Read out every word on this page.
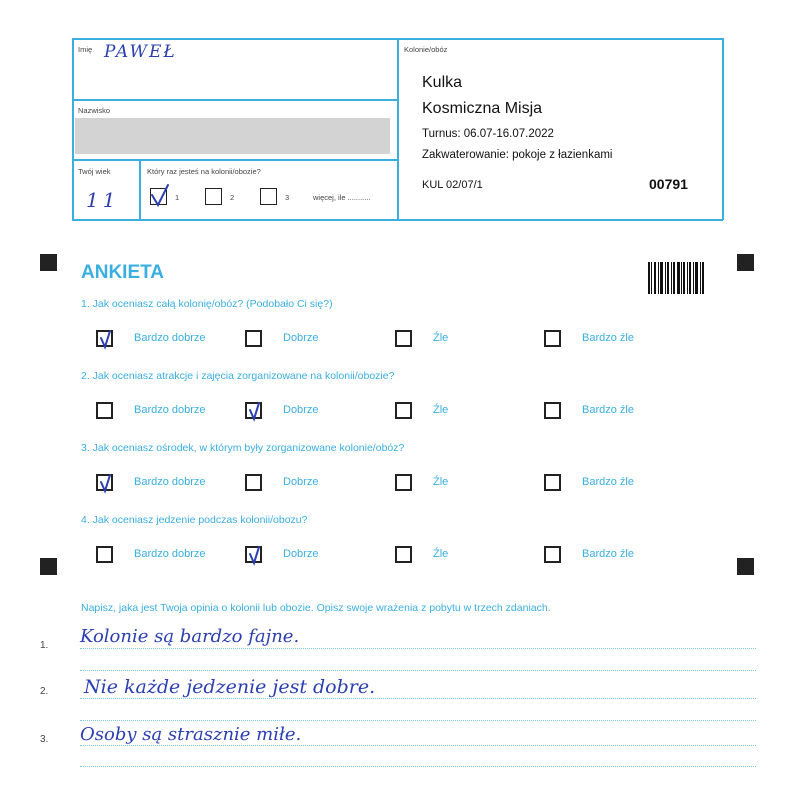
Imię PAWEŁ
Nazwisko
Twój wiek
11
Który raz jesteś na kolonii/obozie?
1	2	3	więcej, ile ...........
Kolonie/obóz
Kulka
Kosmiczna Misja
Turnus: 06.07-16.07.2022
Zakwaterowanie: pokoje z łazienkami
KUL 02/07/1	00791
ANKIETA
1. Jak oceniasz całą kolonię/obóz? (Podobało Ci się?)
Bardzo dobrze	Dobrze	Źle	Bardzo źle
2. Jak oceniasz atrakcje i zajęcia zorganizowane na kolonii/obozie?
Bardzo dobrze	Dobrze	Źle	Bardzo źle
3. Jak oceniasz ośrodek, w którym były zorganizowane kolonie/obóz?
Bardzo dobrze	Dobrze	Źle	Bardzo źle
4. Jak oceniasz jedzenie podczas kolonii/obozu?
Bardzo dobrze	Dobrze	Źle	Bardzo źle
Napisz, jaka jest Twoja opinia o kolonii lub obozie. Opisz swoje wrażenia z pobytu w trzech zdaniach.
1. Kolonie są bardzo fajne.
2. Nie każde jedzenie jest dobre.
3. Osoby są strasznie miłe.
